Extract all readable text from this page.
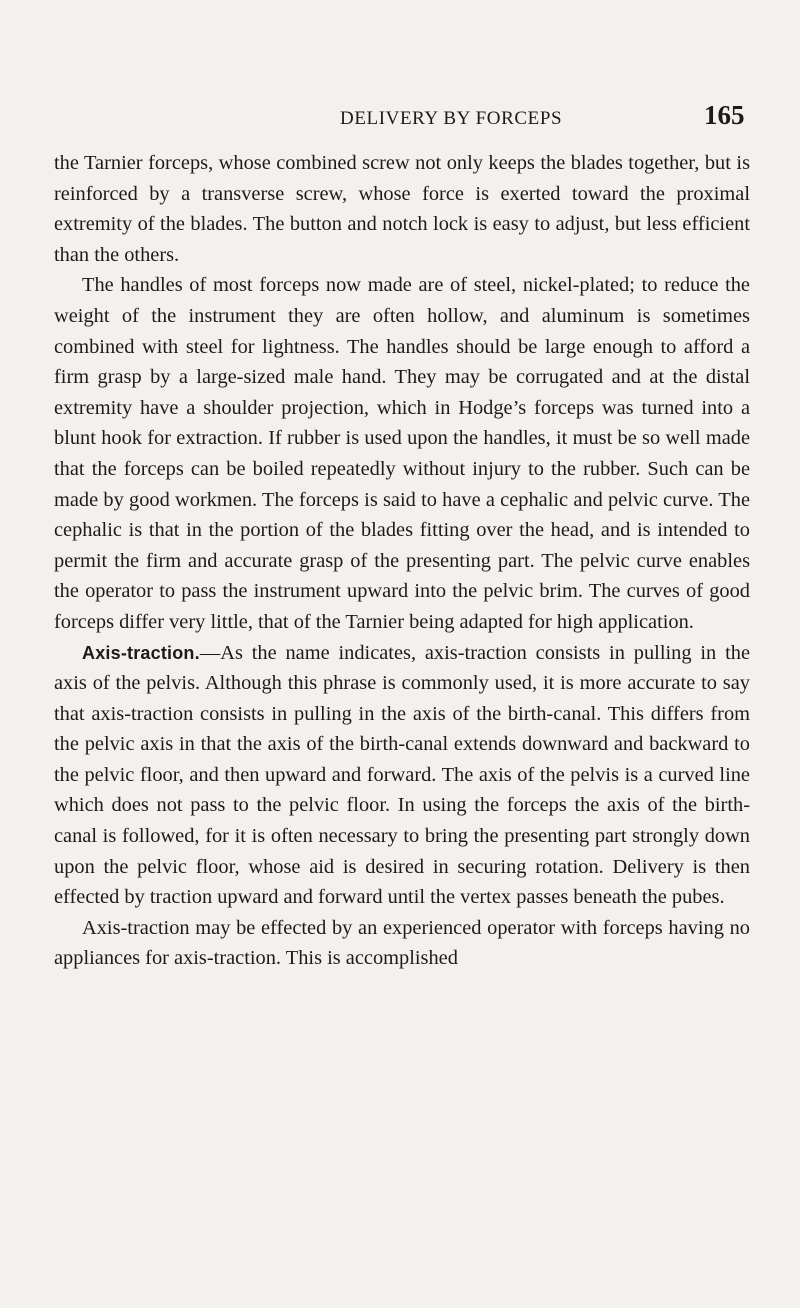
DELIVERY BY FORCEPS	165

the Tarnier forceps, whose combined screw not only keeps the blades together, but is reinforced by a transverse screw, whose force is exerted toward the proximal extremity of the blades. The button and notch lock is easy to adjust, but less efficient than the others.

The handles of most forceps now made are of steel, nickel-plated; to reduce the weight of the instrument they are often hollow, and aluminum is sometimes combined with steel for lightness. The handles should be large enough to afford a firm grasp by a large-sized male hand. They may be corrugated and at the distal extremity have a shoulder projection, which in Hodge’s forceps was turned into a blunt hook for extraction. If rubber is used upon the handles, it must be so well made that the forceps can be boiled repeatedly without injury to the rubber. Such can be made by good workmen. The forceps is said to have a cephalic and pelvic curve. The cephalic is that in the portion of the blades fitting over the head, and is intended to permit the firm and accurate grasp of the presenting part. The pelvic curve enables the operator to pass the instrument upward into the pelvic brim. The curves of good forceps differ very little, that of the Tarnier being adapted for high application.

Axis-traction.—As the name indicates, axis-traction consists in pulling in the axis of the pelvis. Although this phrase is commonly used, it is more accurate to say that axis-traction consists in pulling in the axis of the birth-canal. This differs from the pelvic axis in that the axis of the birth-canal extends downward and backward to the pelvic floor, and then upward and forward. The axis of the pelvis is a curved line which does not pass to the pelvic floor. In using the forceps the axis of the birth-canal is followed, for it is often necessary to bring the presenting part strongly down upon the pelvic floor, whose aid is desired in securing rotation. Delivery is then effected by traction upward and forward until the vertex passes beneath the pubes.

Axis-traction may be effected by an experienced operator with forceps having no appliances for axis-traction. This is accomplished
